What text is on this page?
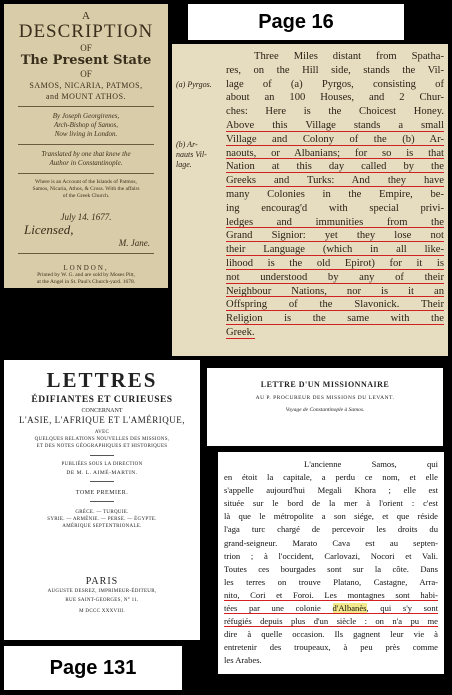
A
DESCRIPTION
OF
The Present State
OF
SAMOS, NICARIA, PATMOS,
and MOUNT ATHOS.
By Joseph Georgirenes,
Arch-Bishop of Samos,
Now living in London.
Translated by one that knew the
Author in Constantinople.
Where is an Account of the Islands of Patmos,
Samos, Nicaria, Athos, & Cross. With the affairs
of the Greek Church.
July 14. 1677.
Licensed,
M. Jane.
LONDON,
Printed by W. G. and are sold by Moses Pitt,
at the Angel in St. Paul's Church-yard. 1678.
Page 16
(a) Pyrgos.
(b) Ar-
nauts Vil-
lage.
Three Miles distant from Spatha-
res, on the Hill side, stands the Vil-
lage of (a) Pyrgos, consisting of
about an 100 Houses, and 2 Chur-
ches: Here is the Choicest Honey.
Above this Village stands a small
Village and Colony of the (b) Ar-
naouts, or Albanians; for so is that
Nation at this day called by the
Greeks and Turks: And they have
many Colonies in the Empire, be-
ing encourag'd with special privi-
ledges and immunities from the
Grand Signior: yet they lose not
their Language (which in all like-
lihood is the old Epirot) for it is
not understood by any of their
Neighbour Nations, nor is it an
Offspring of the Slavonick. Their
Religion is the same with the
Greek.
LETTRES
ÉDIFIANTES ET CURIEUSES
CONCERNANT
L'ASIE, L'AFRIQUE ET L'AMÉRIQUE,
AVEC
QUELQUES RELATIONS NOUVELLES DES MISSIONS,
ET DES NOTES GÉOGRAPHIQUES ET HISTORIQUES
PUBLIÉES SOUS LA DIRECTION
DE M. L. AIMÉ-MARTIN.
TOME PREMIER.
GRÈCE. — TURQUIE.
SYRIE. — ARMÉNIE. — PERSE. — ÉGYPTE.
AMÉRIQUE SEPTENTRIONALE.
PARIS
AUGUSTE DESREZ, IMPRIMEUR-ÉDITEUR,
RUE SAINT-GEORGES, N° 11.
M DCCC XXXVIII.
Page 131
LETTRE D'UN MISSIONNAIRE
AU P. PROCUREUR DES MISSIONS DU LEVANT.
Voyage de Constantinople à Samos.
L'ancienne Samos, qui
en étoit la capitale, a perdu ce nom, et elle
s'appelle aujourd'hui Megali Khora ; elle est
située sur le bord de la mer à l'orient : c'est
là que le métropolite a son siége, et que réside
l'aga turc chargé de percevoir les droits du
grand-seigneur. Marato Cava est au septen-
trion ; à l'occident, Carlovazi, Nocori et Vali.
Toutes ces bourgades sont sur la côte. Dans
les terres on trouve Platano, Castagne, Arra-
nito, Cori et Foroi. Les montagnes sont habi-
tées par une colonie d'Albanès, qui s'y sont
réfugiés depuis plus d'un siècle : on n'a pu me
dire à quelle occasion. Ils gagnent leur vie à
entretenir des troupeaux, à peu près comme
les Arabes.
